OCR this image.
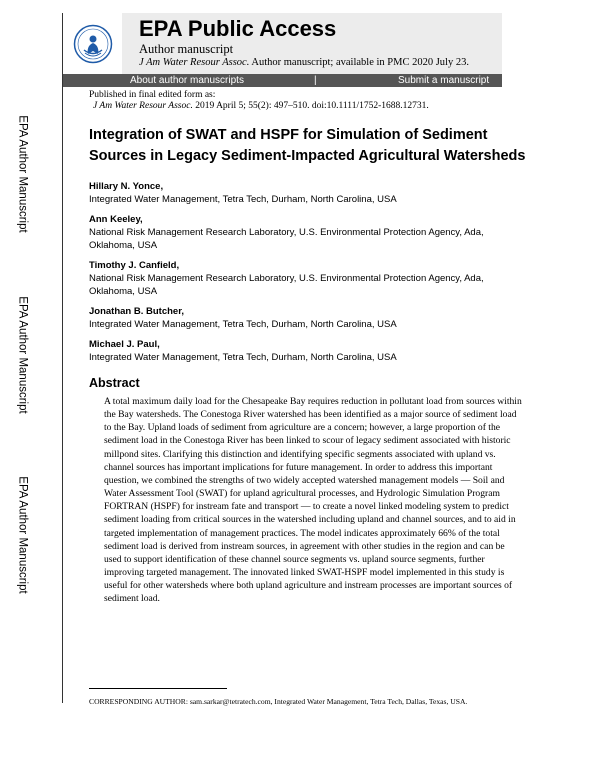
EPA Author Manuscript
EPA Author Manuscript
EPA Author Manuscript
EPA Public Access
Author manuscript
J Am Water Resour Assoc. Author manuscript; available in PMC 2020 July 23.
About author manuscripts	|	Submit a manuscript
Published in final edited form as:
J Am Water Resour Assoc. 2019 April 5; 55(2): 497–510. doi:10.1111/1752-1688.12731.
Integration of SWAT and HSPF for Simulation of Sediment Sources in Legacy Sediment-Impacted Agricultural Watersheds
Hillary N. Yonce,
Integrated Water Management, Tetra Tech, Durham, North Carolina, USA
Ann Keeley,
National Risk Management Research Laboratory, U.S. Environmental Protection Agency, Ada, Oklahoma, USA
Timothy J. Canfield,
National Risk Management Research Laboratory, U.S. Environmental Protection Agency, Ada, Oklahoma, USA
Jonathan B. Butcher,
Integrated Water Management, Tetra Tech, Durham, North Carolina, USA
Michael J. Paul,
Integrated Water Management, Tetra Tech, Durham, North Carolina, USA
Abstract
A total maximum daily load for the Chesapeake Bay requires reduction in pollutant load from sources within the Bay watersheds. The Conestoga River watershed has been identified as a major source of sediment load to the Bay. Upland loads of sediment from agriculture are a concern; however, a large proportion of the sediment load in the Conestoga River has been linked to scour of legacy sediment associated with historic millpond sites. Clarifying this distinction and identifying specific segments associated with upland vs. channel sources has important implications for future management. In order to address this important question, we combined the strengths of two widely accepted watershed management models — Soil and Water Assessment Tool (SWAT) for upland agricultural processes, and Hydrologic Simulation Program FORTRAN (HSPF) for instream fate and transport — to create a novel linked modeling system to predict sediment loading from critical sources in the watershed including upland and channel sources, and to aid in targeted implementation of management practices. The model indicates approximately 66% of the total sediment load is derived from instream sources, in agreement with other studies in the region and can be used to support identification of these channel source segments vs. upland source segments, further improving targeted management. The innovated linked SWAT-HSPF model implemented in this study is useful for other watersheds where both upland agriculture and instream processes are important sources of sediment load.
CORRESPONDING AUTHOR: sam.sarkar@tetratech.com, Integrated Water Management, Tetra Tech, Dallas, Texas, USA.
